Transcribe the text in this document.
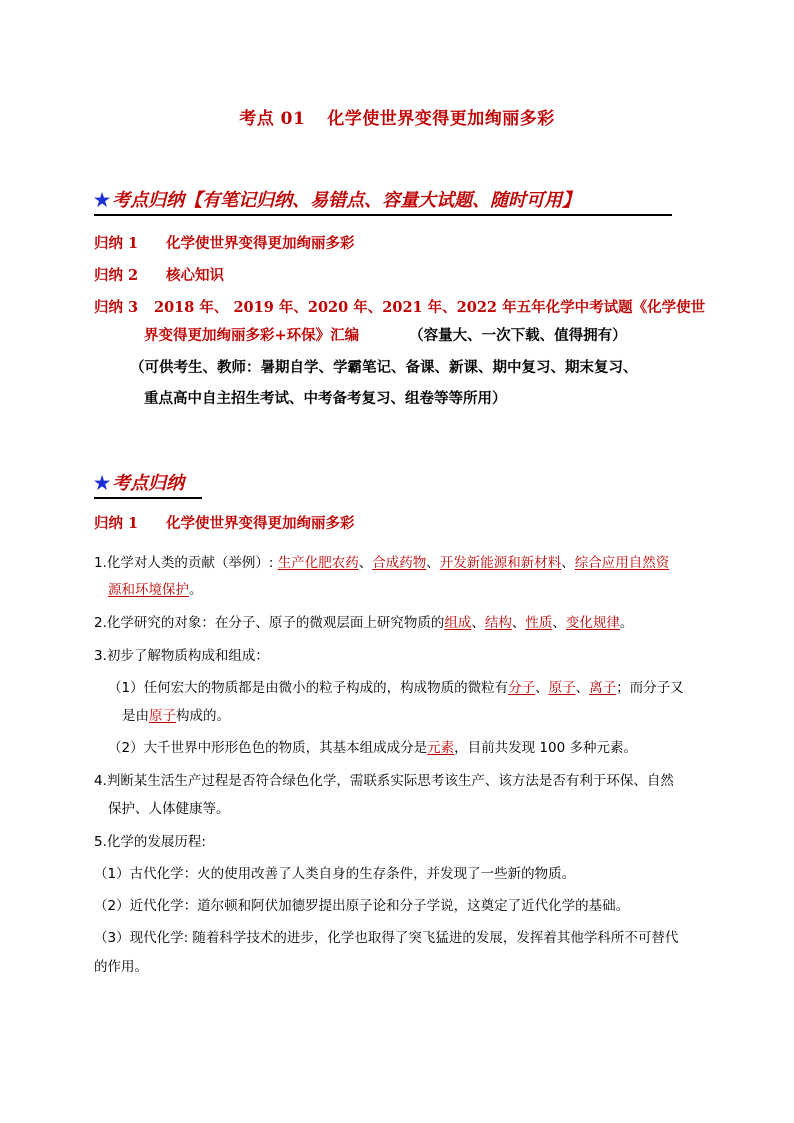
考点 01 化学使世界变得更加绚丽多彩
★ 考点归纳【有笔记归纳、易错点、容量大试题、随时可用】
归纳 1 化学使世界变得更加绚丽多彩
归纳 2 核心知识
归纳 3 2018 年、 2019 年、2020 年、2021 年、2022 年五年化学中考试题《化学使世
界变得更加绚丽多彩+环保》汇编	（容量大、一次下载、值得拥有）
（可供考生、教师：暑期自学、学霸笔记、备课、新课、期中复习、期末复习、
重点高中自主招生考试、中考备考复习、组卷等等所用）
★ 考点归纳
归纳 1 化学使世界变得更加绚丽多彩
1.化学对人类的贡献（举例）: 生产化肥农药、合成药物、开发新能源和新材料、综合应用自然资
源和环境保护。
2.化学研究的对象：在分子、原子的微观层面上研究物质的组成、结构、性质、变化规律。
3.初步了解物质构成和组成：
（1）任何宏大的物质都是由微小的粒子构成的，构成物质的微粒有分子、原子、离子；而分子又
是由原子构成的。
（2）大千世界中形形色色的物质，其基本组成成分是元素，目前共发现 100 多种元素。
4.判断某生活生产过程是否符合绿色化学，需联系实际思考该生产、该方法是否有利于环保、自然
保护、人体健康等。
5.化学的发展历程:
（1）古代化学：火的使用改善了人类自身的生存条件，并发现了一些新的物质。
（2）近代化学：道尔顿和阿伏加德罗提出原子论和分子学说，这奠定了近代化学的基础。
（3）现代化学: 随着科学技术的进步，化学也取得了突飞猛进的发展，发挥着其他学科所不可替代
的作用。
